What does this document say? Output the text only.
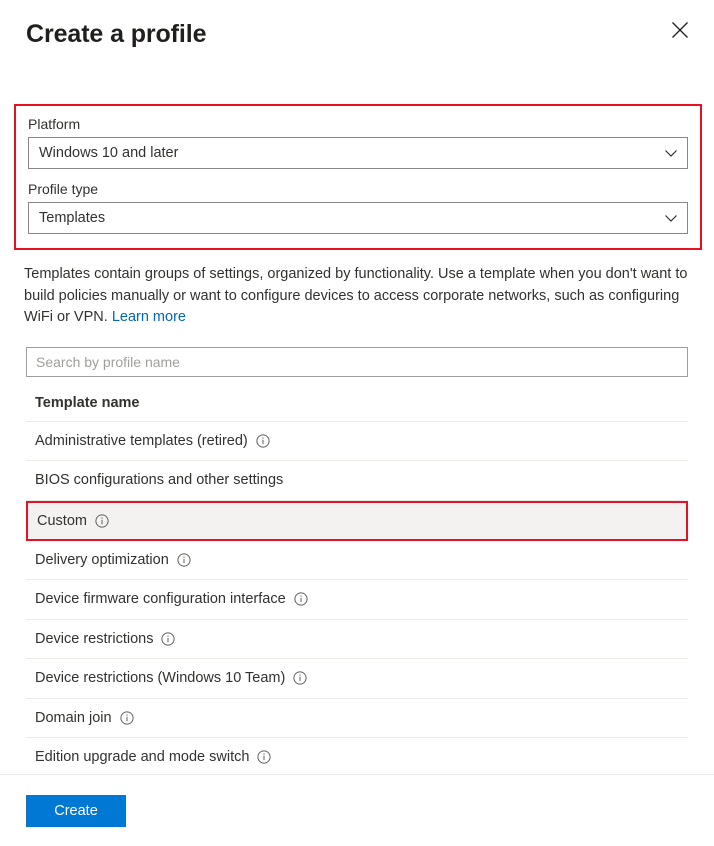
Create a profile
Platform
Windows 10 and later
Profile type
Templates
Templates contain groups of settings, organized by functionality. Use a template when you don't want to build policies manually or want to configure devices to access corporate networks, such as configuring WiFi or VPN. Learn more
Search by profile name
Template name
Administrative templates (retired)
BIOS configurations and other settings
Custom
Delivery optimization
Device firmware configuration interface
Device restrictions
Device restrictions (Windows 10 Team)
Domain join
Edition upgrade and mode switch
Create
